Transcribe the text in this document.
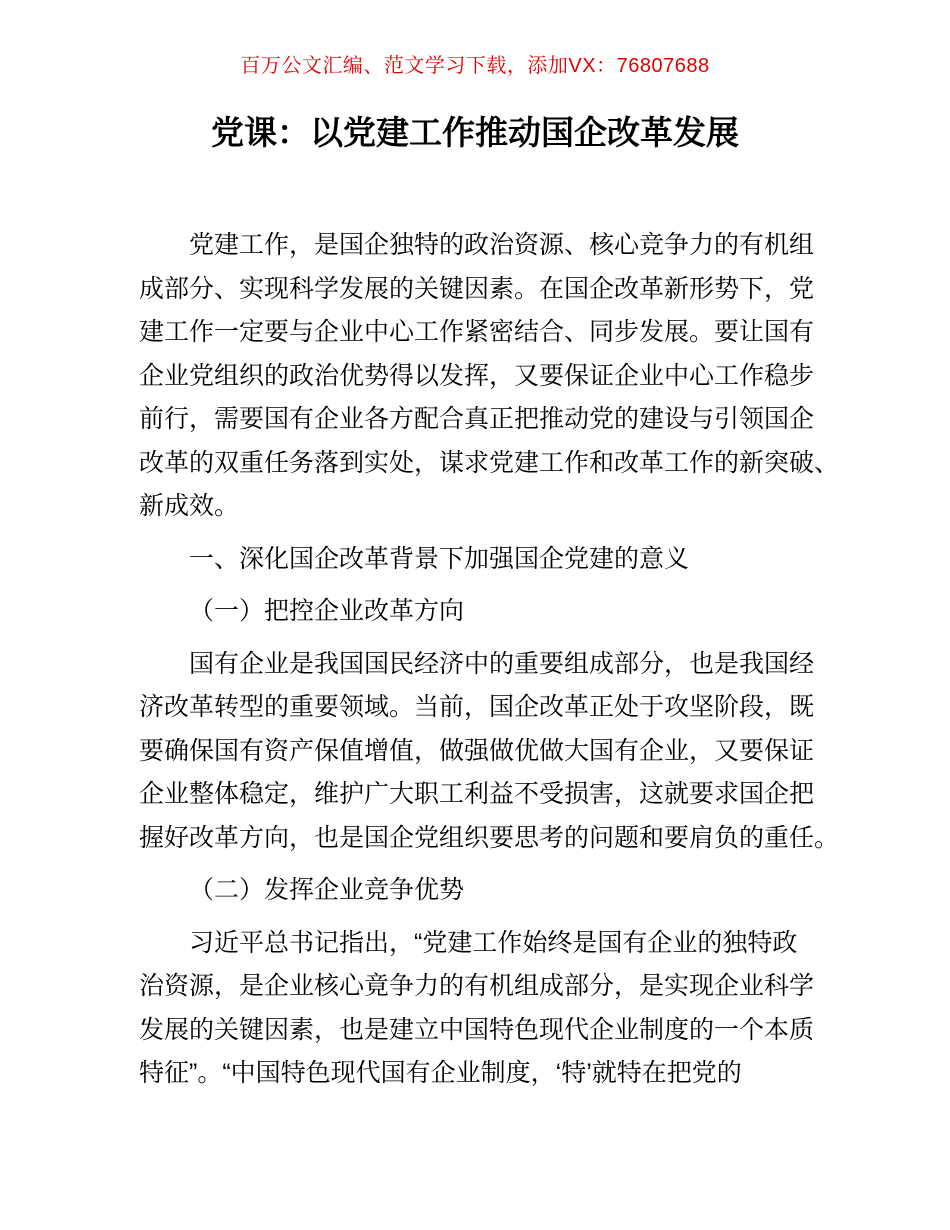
百万公文汇编、范文学习下载，添加VX：76807688
党课：以党建工作推动国企改革发展
党建工作，是国企独特的政治资源、核心竞争力的有机组
成部分、实现科学发展的关键因素。在国企改革新形势下，党
建工作一定要与企业中心工作紧密结合、同步发展。要让国有
企业党组织的政治优势得以发挥，又要保证企业中心工作稳步
前行，需要国有企业各方配合真正把推动党的建设与引领国企
改革的双重任务落到实处，谋求党建工作和改革工作的新突破、
新成效。
一、深化国企改革背景下加强国企党建的意义
（一）把控企业改革方向
国有企业是我国国民经济中的重要组成部分，也是我国经
济改革转型的重要领域。当前，国企改革正处于攻坚阶段，既
要确保国有资产保值增值，做强做优做大国有企业，又要保证
企业整体稳定，维护广大职工利益不受损害，这就要求国企把
握好改革方向，也是国企党组织要思考的问题和要肩负的重任。
（二）发挥企业竞争优势
习近平总书记指出，“党建工作始终是国有企业的独特政
治资源，是企业核心竟争力的有机组成部分，是实现企业科学
发展的关键因素，也是建立中国特色现代企业制度的一个本质
特征”。“中国特色现代国有企业制度，‘特’就特在把党的
